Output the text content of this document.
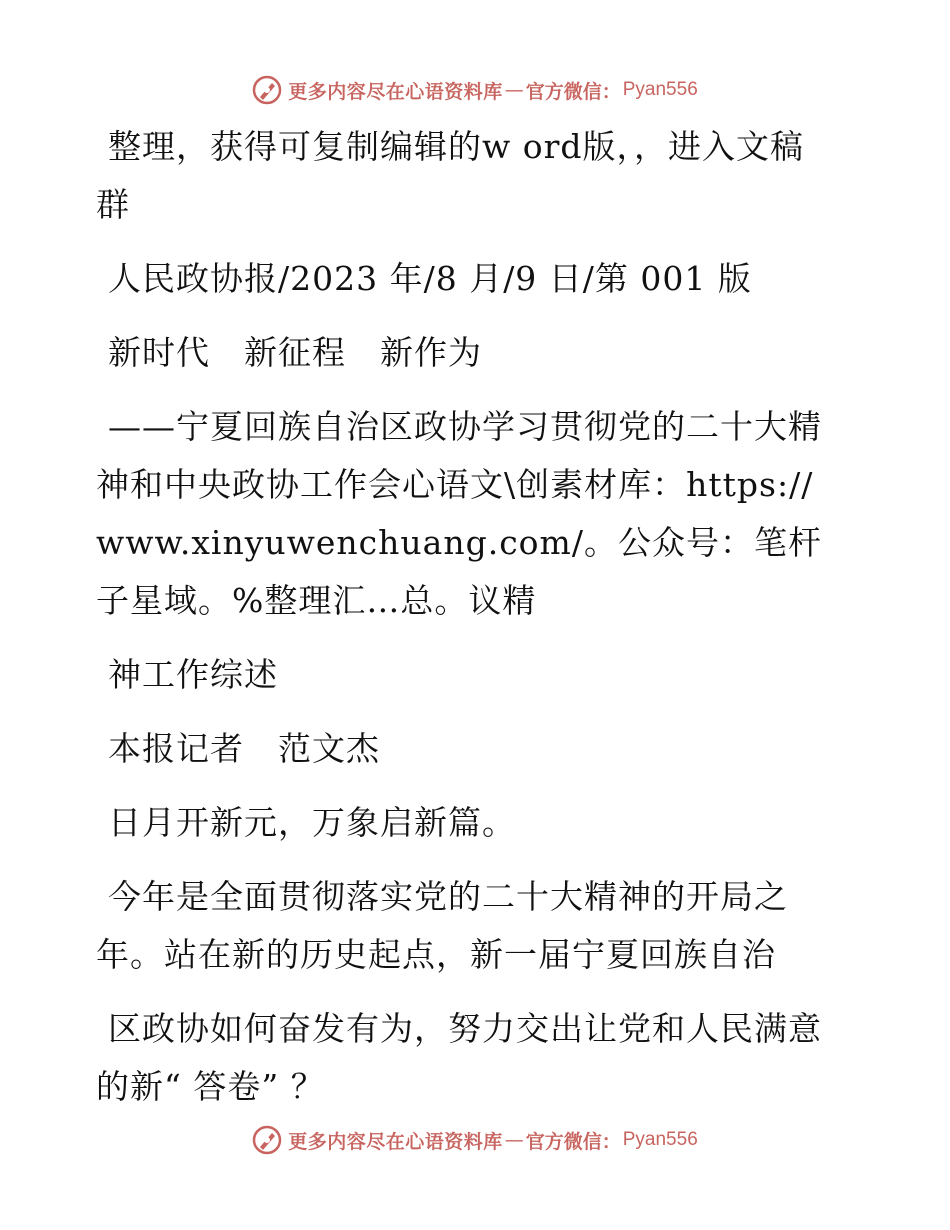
更多内容尽在心语资料库 — 官方微信： Pyan556

整理，获得可复制编辑的w ord版，，进入文稿群

人民政协报/2023 年/8 月/9 日/第 001 版

新时代　新征程　新作为

——宁夏回族自治区政协学习贯彻党的二十大精神和中央政协工作会心语文\创素材库：https://www.xinyuwenchuang.com/。公众号：笔杆子星域。%整理汇…总。议精

神工作综述

本报记者　范文杰

日月开新元，万象启新篇。

今年是全面贯彻落实党的二十大精神的开局之年。站在新的历史起点，新一届宁夏回族自治

区政协如何奋发有为，努力交出让党和人民满意的新“ 答卷” ？

更多内容尽在心语资料库 — 官方微信： Pyan556
